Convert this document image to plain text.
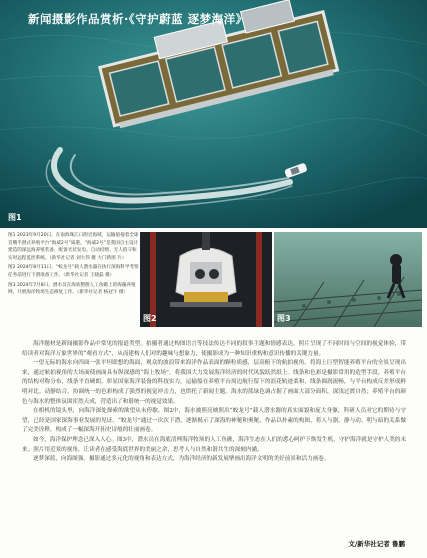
新闻摄影作品赏析·《守护蔚蓝 逐梦海洋》
图1

图1 2023年9月20日，在南海珠江口附近海域，运输船拖着全球首艘半潜式养殖平台“海威2号”离港。“海威2号”是我国自主设计建造的深远海养殖装备，配备光伏发电、自动投喂、无人值守和实时远程监控系统。（新华社记者 刘大伟 摄 大门新朋 片）

图2 2024年8月11日，“蛟龙号”载人潜水器在执行深海科学考察任务前进行下潜准备工作。（新华社记者 王晓磊 摄）

图3 2024年7月8日，潜水员在海底整理人工鱼礁上的海藻养殖网，开展海洋牧场生态修复工作。（新华社记者 杨冠宇 摄）

图2	图3

海洋题材是新闻摄影作品中常见的报道类型。拍摄者通过构图语言等技法传达不同的叙事主题和情感表达，照片呈现了不同时间与空间的视觉体验，带给读者对海洋万象世界的“观看方式”，从而建构人们对的趣味与想象力，使摄影成为一种知识重构和意识传播的关键力量。

一望无际的海水向四面一张平坦联想的海面，观众的波浪带来海洋作品表面的颗粒质感，层高俯下的航拍视角。将海上巨型智能养殖平台的全景呈现出来，通过航拍视角的大场面使画面具有纵深感的“海上牧场”，将我国大力发展海洋经济的时代风貌跃然纸上。线条和色彩是摄影常用的造型手段，养殖平台的结构对称分布，线条平直硬朗，彰显国家海洋装备的科技实力。运输船在养殖平台周边航行留下的浪花轨迹柔和，线条圆润流畅，与平台构成反差形成鲜明对比。动静结合，协调统一的色彩构成了强烈的视觉冲击力，也烘托了新闻主题。海水的蓝绿色调占据了画面大部分面积，深浅过渡自然；养殖平台的颜色与海水的整体氛围浑然天成，营造出了和谐统一的视觉效果。

在相机的镜头里，向海洋深处探索的欲望从未停歇。图2中，海水被照亮映照出“蛟龙号”载人潜水器的真实面貌和庞大身躯，科研人员对它的期待与守望，已经是国家深海事业发展的见证。“蛟龙号”通过一次次下潜，逐渐揭示了深海的神秘和奥秘，作品以朴素的构图，将人与器、静与动、明与暗的关系做了完美诠释，构成了一幅深海开拓史诗般的壮丽画卷。

如今，海洋保护理念已深入人心。图3中，潜水员在海底清理海洋牧场的人工鱼礁，海洋生态在人们的悉心呵护下焕发生机，守护海洋就是守护人类的未来。照片用近景的视角，让读者在感受海底世界的美丽之余，思考人与自然和谐共生的深刻内涵。

逐梦深蓝，向海图强。摄影通过多元化的视角和表达方式，为海洋经济的新发展擘画出海洋文明的美好前景和活力画卷。

文/新华社记者 鲁鹏
